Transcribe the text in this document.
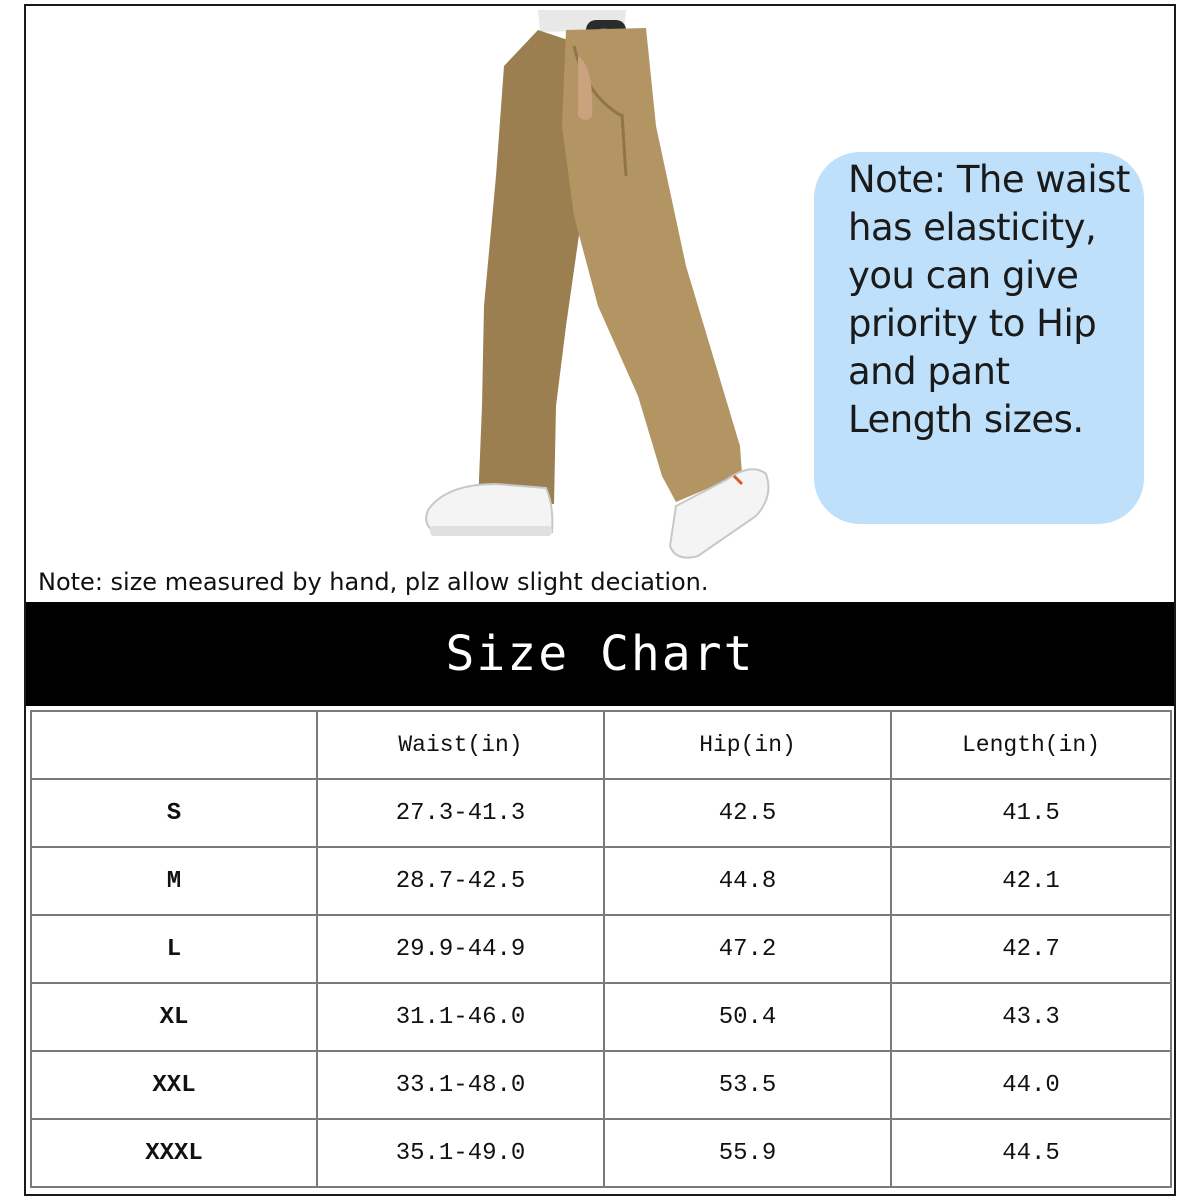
Note: The waist
has elasticity,
you can give
priority to Hip
and pant
Length sizes.

Note: size measured by hand, plz allow slight deciation.
Size Chart
	Waist(in)	Hip(in)	Length(in)
S	27.3-41.3	42.5	41.5
M	28.7-42.5	44.8	42.1
L	29.9-44.9	47.2	42.7
XL	31.1-46.0	50.4	43.3
XXL	33.1-48.0	53.5	44.0
XXXL	35.1-49.0	55.9	44.5
